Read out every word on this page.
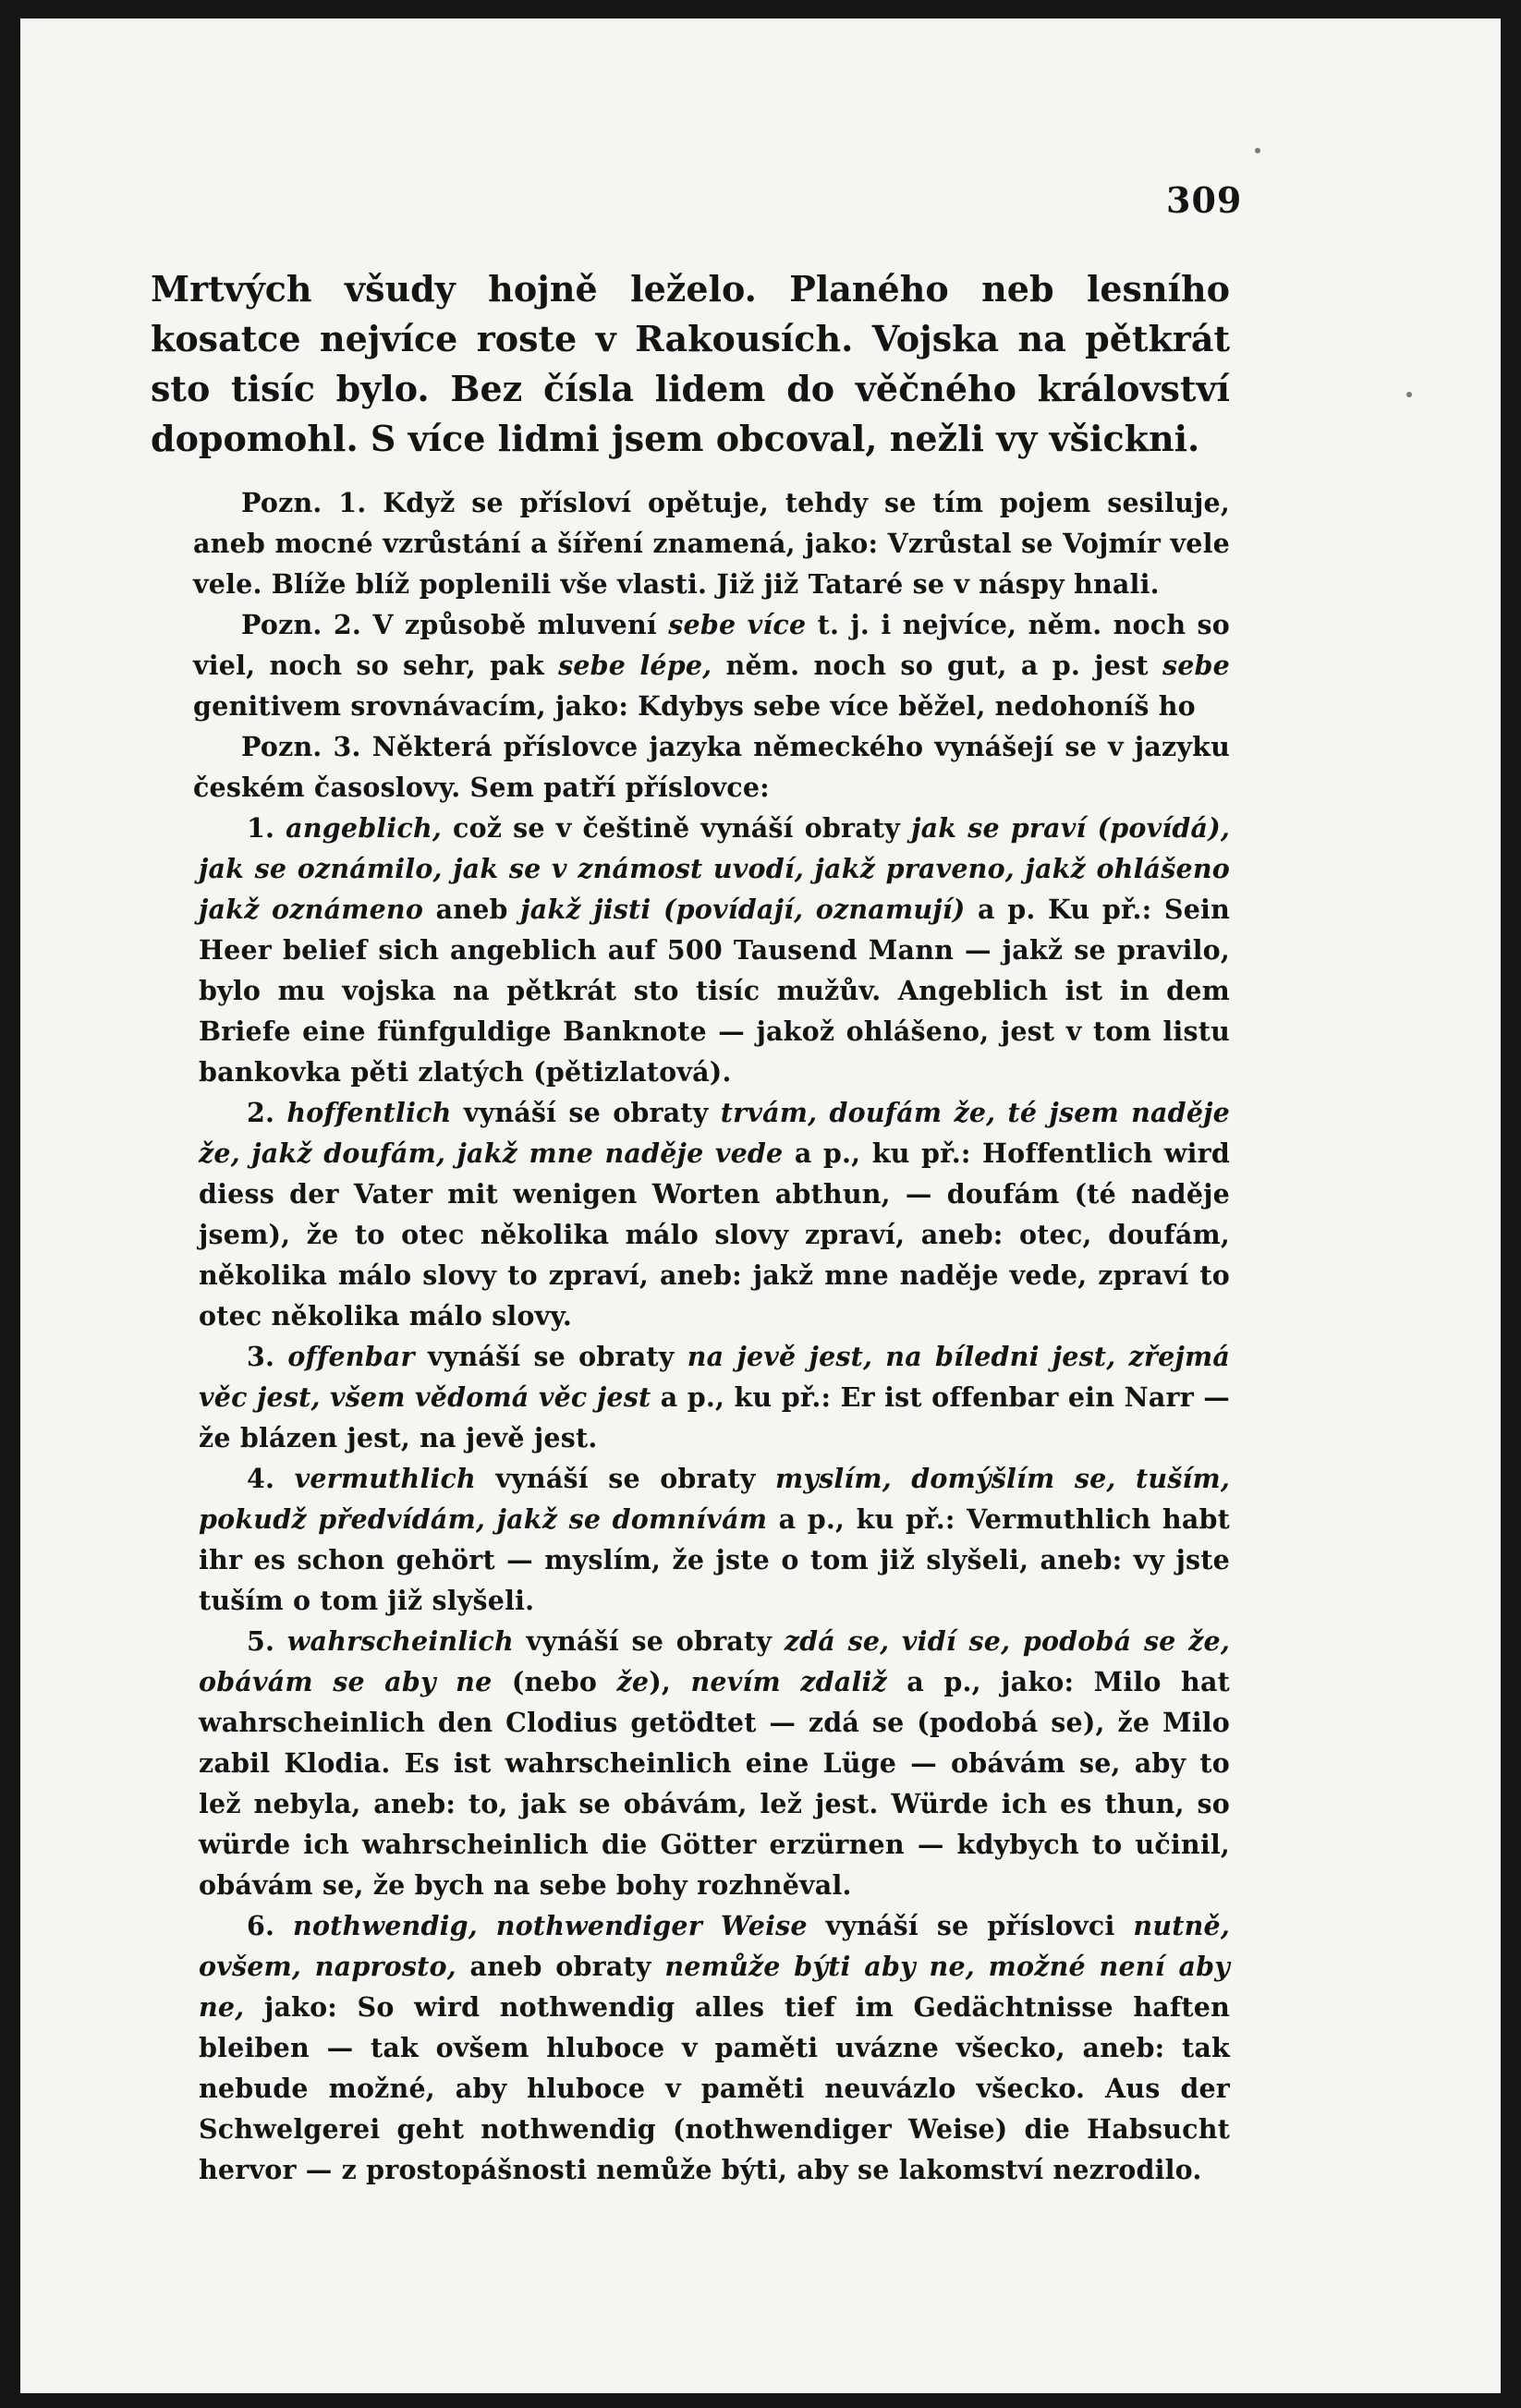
309

Mrtvých všudy hojně leželo. Planého neb lesního kosatce nejvíce roste v Rakousích. Vojska na pětkrát sto tisíc bylo. Bez čísla lidem do věčného království dopomohl. S více lidmi jsem obcoval, nežli vy všickni.

Pozn. 1. Když se přísloví opětuje, tehdy se tím pojem sesiluje, aneb mocné vzrůstání a šíření znamená, jako: Vzrůstal se Vojmír vele vele. Blíže blíž poplenili vše vlasti. Již již Tataré se v náspy hnali.

Pozn. 2. V způsobě mluvení sebe více t. j. i nejvíce, něm. noch so viel, noch so sehr, pak sebe lépe, něm. noch so gut, a p. jest sebe genitivem srovnávacím, jako: Kdybys sebe více běžel, nedohoníš ho

Pozn. 3. Některá příslovce jazyka německého vynášejí se v jazyku českém časoslovy. Sem patří příslovce:

1. angeblich, což se v češtině vynáší obraty jak se praví (povídá), jak se oznámilo, jak se v známost uvodí, jakž praveno, jakž ohlášeno jakž oznámeno aneb jakž jisti (povídají, oznamují) a p. Ku př.: Sein Heer belief sich angeblich auf 500 Tausend Mann — jakž se pravilo, bylo mu vojska na pětkrát sto tisíc mužův. Angeblich ist in dem Briefe eine fünfguldige Banknote — jakož ohlášeno, jest v tom listu bankovka pěti zlatých (pětizlatová).

2. hoffentlich vynáší se obraty trvám, doufám že, té jsem naděje že, jakž doufám, jakž mne naděje vede a p., ku př.: Hoffentlich wird diess der Vater mit wenigen Worten abthun, — doufám (té naděje jsem), že to otec několika málo slovy zpraví, aneb: otec, doufám, několika málo slovy to zpraví, aneb: jakž mne naděje vede, zpraví to otec několika málo slovy.

3. offenbar vynáší se obraty na jevě jest, na bíledni jest, zřejmá věc jest, všem vědomá věc jest a p., ku př.: Er ist offenbar ein Narr — že blázen jest, na jevě jest.

4. vermuthlich vynáší se obraty myslím, domýšlím se, tuším, pokudž předvídám, jakž se domnívám a p., ku př.: Vermuthlich habt ihr es schon gehört — myslím, že jste o tom již slyšeli, aneb: vy jste tuším o tom již slyšeli.

5. wahrscheinlich vynáší se obraty zdá se, vidí se, podobá se že, obávám se aby ne (nebo že), nevím zdaliž a p., jako: Milo hat wahrscheinlich den Clodius getödtet — zdá se (podobá se), že Milo zabil Klodia. Es ist wahrscheinlich eine Lüge — obávám se, aby to lež nebyla, aneb: to, jak se obávám, lež jest. Würde ich es thun, so würde ich wahrscheinlich die Götter erzürnen — kdybych to učinil, obávám se, že bych na sebe bohy rozhněval.

6. nothwendig, nothwendiger Weise vynáší se příslovci nutně, ovšem, naprosto, aneb obraty nemůže býti aby ne, možné není aby ne, jako: So wird nothwendig alles tief im Gedächtnisse haften bleiben — tak ovšem hluboce v paměti uvázne všecko, aneb: tak nebude možné, aby hluboce v paměti neuvázlo všecko. Aus der Schwelgerei geht nothwendig (nothwendiger Weise) die Habsucht hervor — z prostopášnosti nemůže býti, aby se lakomství nezrodilo.
